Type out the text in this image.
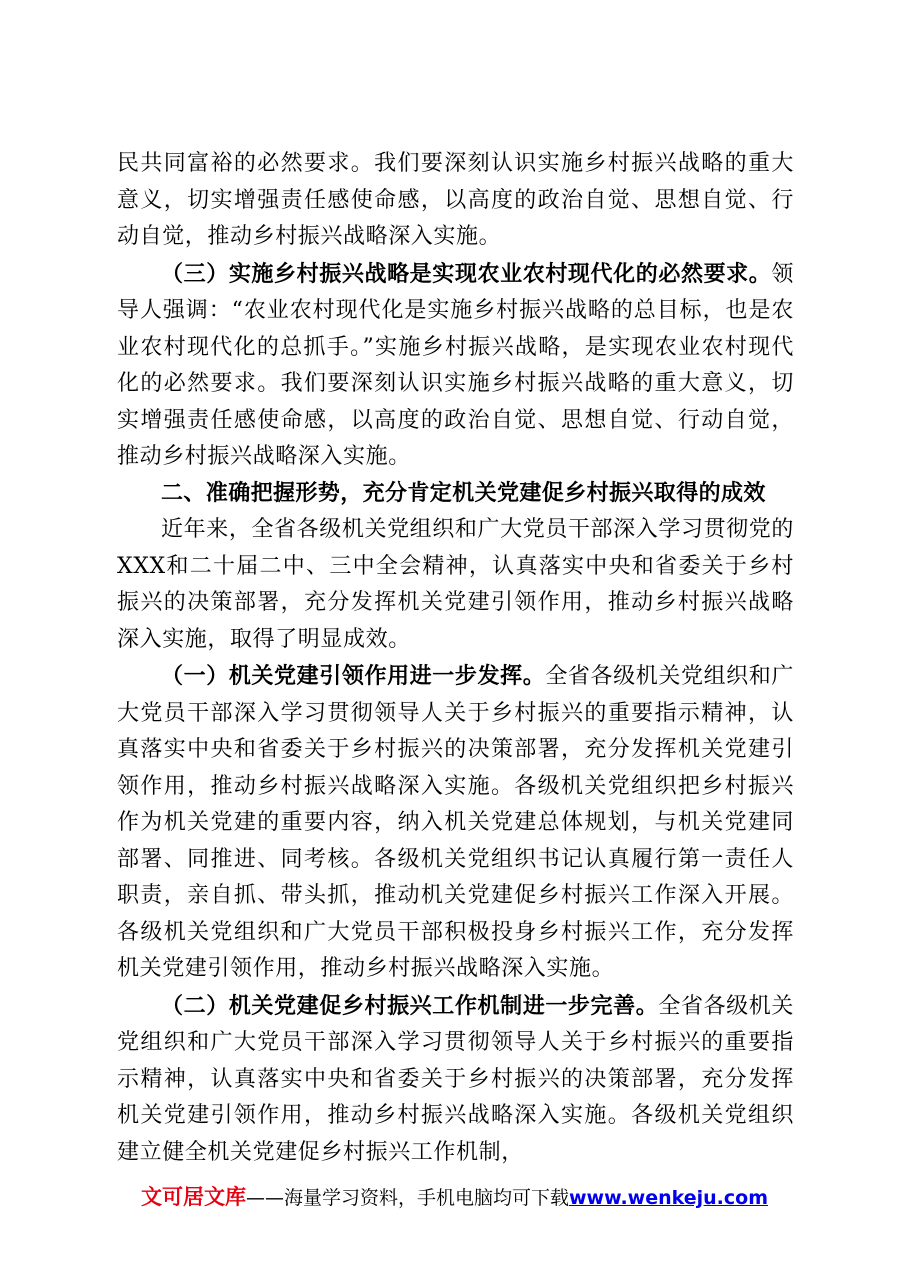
民共同富裕的必然要求。我们要深刻认识实施乡村振兴战略的重大意义，切实增强责任感使命感，以高度的政治自觉、思想自觉、行动自觉，推动乡村振兴战略深入实施。

（三）实施乡村振兴战略是实现农业农村现代化的必然要求。领导人强调：“农业农村现代化是实施乡村振兴战略的总目标，也是农业农村现代化的总抓手。”实施乡村振兴战略，是实现农业农村现代化的必然要求。我们要深刻认识实施乡村振兴战略的重大意义，切实增强责任感使命感，以高度的政治自觉、思想自觉、行动自觉，推动乡村振兴战略深入实施。

二、准确把握形势，充分肯定机关党建促乡村振兴取得的成效

近年来，全省各级机关党组织和广大党员干部深入学习贯彻党的XXX和二十届二中、三中全会精神，认真落实中央和省委关于乡村振兴的决策部署，充分发挥机关党建引领作用，推动乡村振兴战略深入实施，取得了明显成效。

（一）机关党建引领作用进一步发挥。全省各级机关党组织和广大党员干部深入学习贯彻领导人关于乡村振兴的重要指示精神，认真落实中央和省委关于乡村振兴的决策部署，充分发挥机关党建引领作用，推动乡村振兴战略深入实施。各级机关党组织把乡村振兴作为机关党建的重要内容，纳入机关党建总体规划，与机关党建同部署、同推进、同考核。各级机关党组织书记认真履行第一责任人职责，亲自抓、带头抓，推动机关党建促乡村振兴工作深入开展。各级机关党组织和广大党员干部积极投身乡村振兴工作，充分发挥机关党建引领作用，推动乡村振兴战略深入实施。

（二）机关党建促乡村振兴工作机制进一步完善。全省各级机关党组织和广大党员干部深入学习贯彻领导人关于乡村振兴的重要指示精神，认真落实中央和省委关于乡村振兴的决策部署，充分发挥机关党建引领作用，推动乡村振兴战略深入实施。各级机关党组织建立健全机关党建促乡村振兴工作机制，

文可居文库——海量学习资料，手机电脑均可下载www.wenkeju.com
